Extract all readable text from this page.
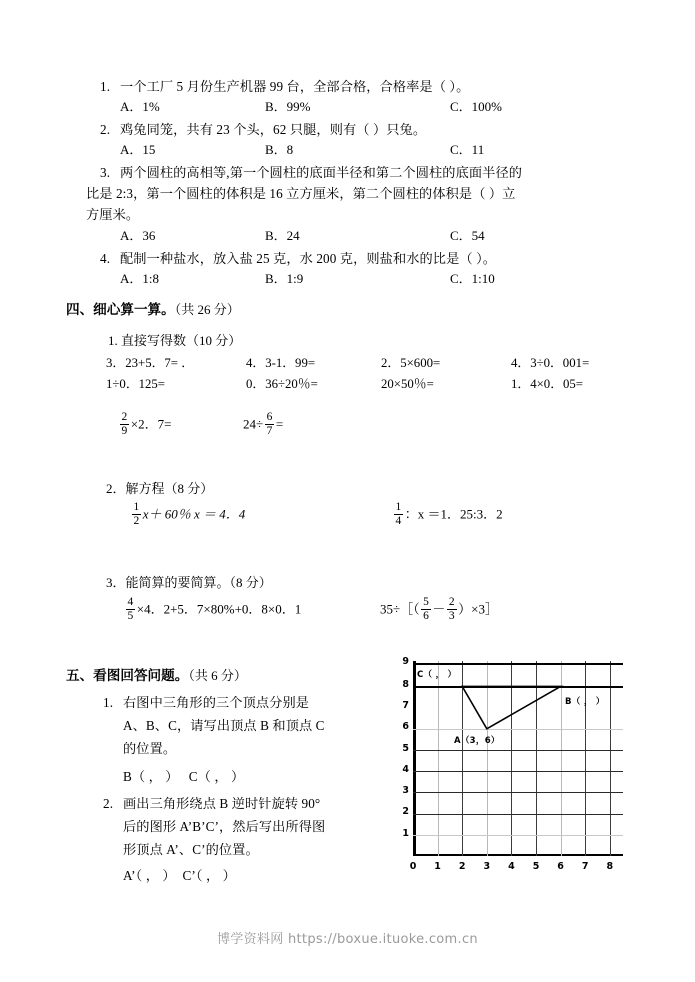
1. 一个工厂 5 月份生产机器 99 台，全部合格，合格率是（ ）。
A．1%	B．99%	C．100%
2. 鸡兔同笼，共有 23 个头，62 只腿，则有（ ）只兔。
A．15	B．8	C．11
3. 两个圆柱的高相等,第一个圆柱的底面半径和第二个圆柱的底面半径的
比是 2:3，第一个圆柱的体积是 16 立方厘米，第二个圆柱的体积是（ ）立
方厘米。
A．36	B．24	C．54
4. 配制一种盐水，放入盐 25 克，水 200 克，则盐和水的比是（ ）。
A．1:8	B．1:9	C．1:10
四、细心算一算。（共 26 分）
1. 直接写得数（10 分）
3．23+5．7= ．	4．3-1．99=	2．5×600=	4．3÷0．001=
1÷0．125=	0．36÷20％=	20×50％=	1．4×0．05=
$\frac{2}{9} \times 2$．7=	$24\div \frac{6}{7}$ =
2．解方程（8 分）
$\frac{1}{2} x+ 60$％ x ＝ 4．4	$\frac{1}{4}$ ：x ＝1．25:3．2
3．能简算的要简算。（8 分）
$\frac{4}{5} \times 4$．2+5．7×80%+0．8×0．1	35÷［（ $\frac{5}{6} - \frac{2}{3}$ ）×3］
五、看图回答问题。（共 6 分）
1. 右图中三角形的三个顶点分别是
A、B、C，请写出顶点 B 和顶点 C
的位置。
B（ ， ） C（ ， ）
2. 画出三角形绕点 B 逆时针旋转 90°
后的图形 A’B’C’，然后写出所得图
形顶点 A’、C’的位置。
A’（ ， ） C’（ ， ）
C（ ， ）
A（3，6）
B（ ， ）
9
8
7
6
5
4
3
2
1
0 1 2 3 4 5 6 7 8
博学资料网 https://boxue.ituoke.com.cn
